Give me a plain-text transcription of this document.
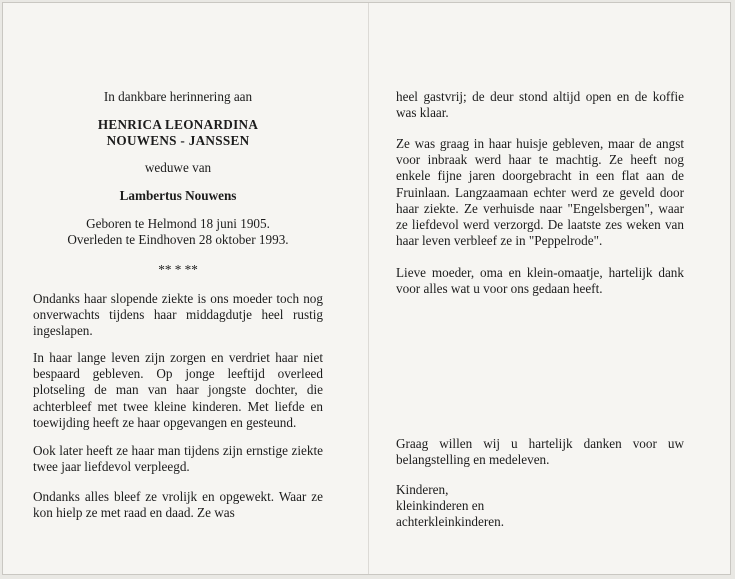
In dankbare herinnering aan
HENRICA LEONARDINA
NOUWENS - JANSSEN
weduwe van
Lambertus Nouwens
Geboren te Helmond 18 juni 1905.
Overleden te Eindhoven 28 oktober 1993.
** * **

Ondanks haar slopende ziekte is ons moeder toch nog onverwachts tijdens haar middagdutje heel rustig ingeslapen.

In haar lange leven zijn zorgen en verdriet haar niet bespaard gebleven. Op jonge leeftijd overleed plotseling de man van haar jongste dochter, die achterbleef met twee kleine kinderen. Met liefde en toewijding heeft ze haar opgevangen en gesteund.

Ook later heeft ze haar man tijdens zijn ernstige ziekte twee jaar liefdevol verpleegd.

Ondanks alles bleef ze vrolijk en opgewekt. Waar ze kon hielp ze met raad en daad. Ze was

heel gastvrij; de deur stond altijd open en de koffie was klaar.

Ze was graag in haar huisje gebleven, maar de angst voor inbraak werd haar te machtig. Ze heeft nog enkele fijne jaren doorgebracht in een flat aan de Fruinlaan. Langzaamaan echter werd ze geveld door haar ziekte. Ze verhuisde naar "Engelsbergen", waar ze liefdevol werd verzorgd. De laatste zes weken van haar leven verbleef ze in "Peppelrode".

Lieve moeder, oma en klein-omaatje, hartelijk dank voor alles wat u voor ons gedaan heeft.

Graag willen wij u hartelijk danken voor uw belangstelling en medeleven.

Kinderen,
kleinkinderen en
achterkleinkinderen.
